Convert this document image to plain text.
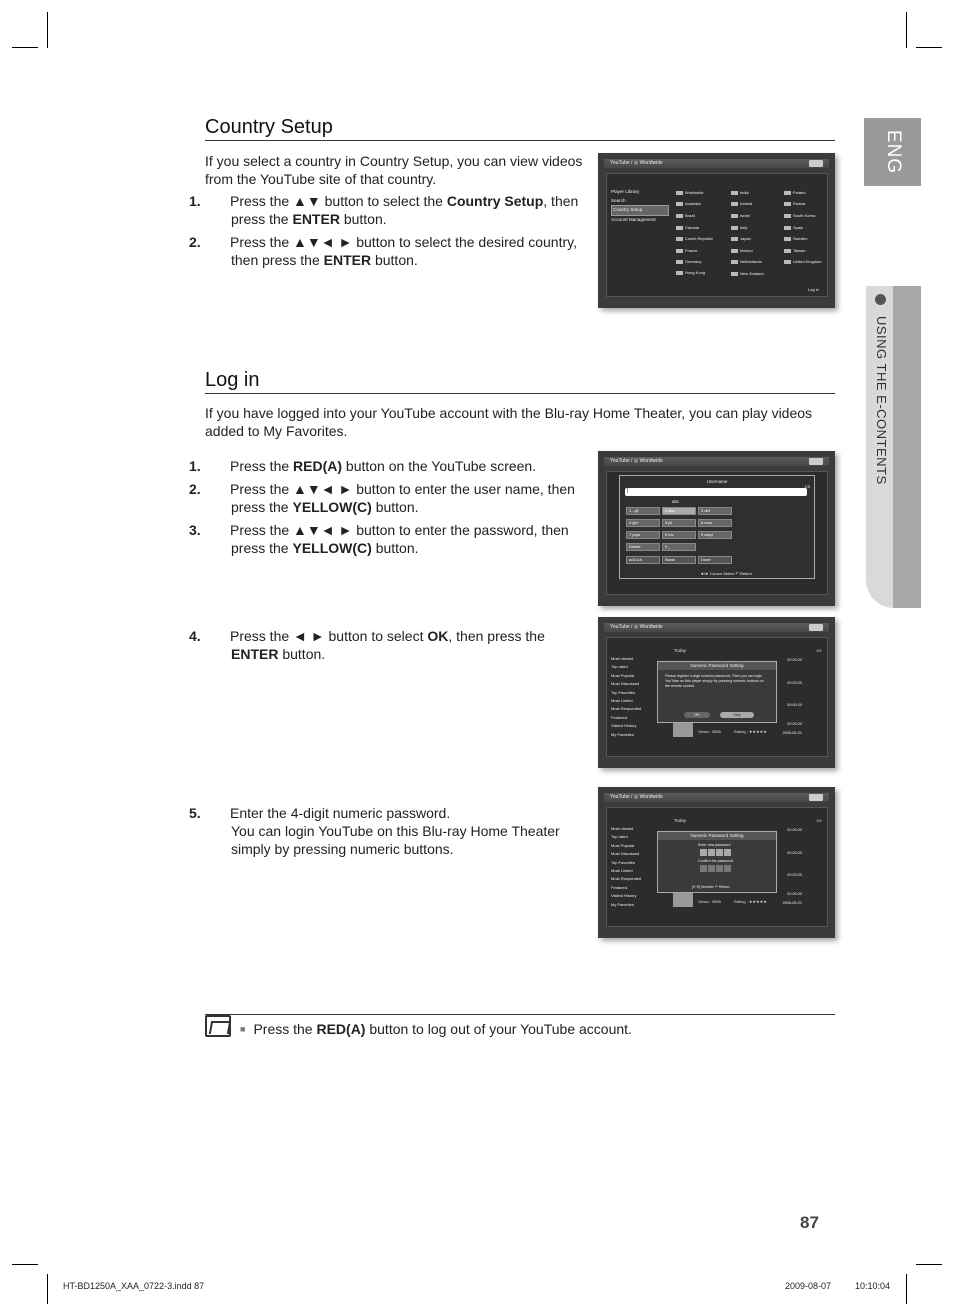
ENG
USING THE E-CONTENTS
Country Setup
If you select a country in Country Setup, you can view videos from the YouTube site of that country.
1. Press the ▲▼ button to select the Country Setup, then press the ENTER button.
2. Press the ▲▼◄ ► button to select the desired country, then press the ENTER button.
YouTube / ◎ Worldwide
Player Library
Search
Country Setup
Account Management
Worldwide	India	Poland
Australia	Ireland	Russia
Brazil	Israel	South Korea
Canada	Italy	Spain
Czech Republic	Japan	Sweden
France	Mexico	Taiwan
Germany	Netherlands	United Kingdom
Hong Kong	New Zealand
Log in
Log in
If you have logged into your YouTube account with the Blu-ray Home Theater, you can play videos added to My Favorites.
1. Press the RED(A) button on the YouTube screen.
2. Press the ▲▼◄ ► button to enter the user name, then press the YELLOW(C) button.
3. Press the ▲▼◄ ► button to enter the password, then press the YELLOW(C) button.
4. Press the ◄ ► button to select OK, then press the ENTER button.
5. Enter the 4-digit numeric password.
You can login YouTube on this Blu-ray Home Theater simply by pressing numeric buttons.
YouTube / ◎ Worldwide
Username
|
1/5
abc
1 .-@	2 abc	3 def
4 ghi	5 jkl	6 mno
7 pqrs	8 tuv	9 wxyz
Delete	0 ⎵
a/A/1/ä	Blank	Done
◄/► Cursor Select ↶ Return
YouTube / ◎ Worldwide
Most viewed
Top rated
Most Popular
Most Discussed
Top Favorites
Most Linked
Most Responded
Featured
Visited History
My Favorites
Today	1/5
00:00:20
00:00:20
00:00:20
00:00:20
2009-05-21
Views : 3968	Rating : ★★★★★
Numeric Password Setting
Please register 4-digit numeric password. Then you can login YouTube on this player simply by pressing numeric buttons on the remote control.
OK	Skip
YouTube / ◎ Worldwide
Most viewed
Top rated
Most Popular
Most Discussed
Top Favorites
Most Linked
Most Responded
Featured
Visited History
My Favorites
Today	1/5
00:00:20
00:00:20
00:00:20
00:00:20
2009-05-21
Views : 3968	Rating : ★★★★★
Numeric Password Setting
Enter new password
Confirm the password
[0~9] Number ↶ Return
■ Press the RED(A) button to log out of your YouTube account.
87
HT-BD1250A_XAA_0722-3.indd 87	2009-08-07	10:10:04
